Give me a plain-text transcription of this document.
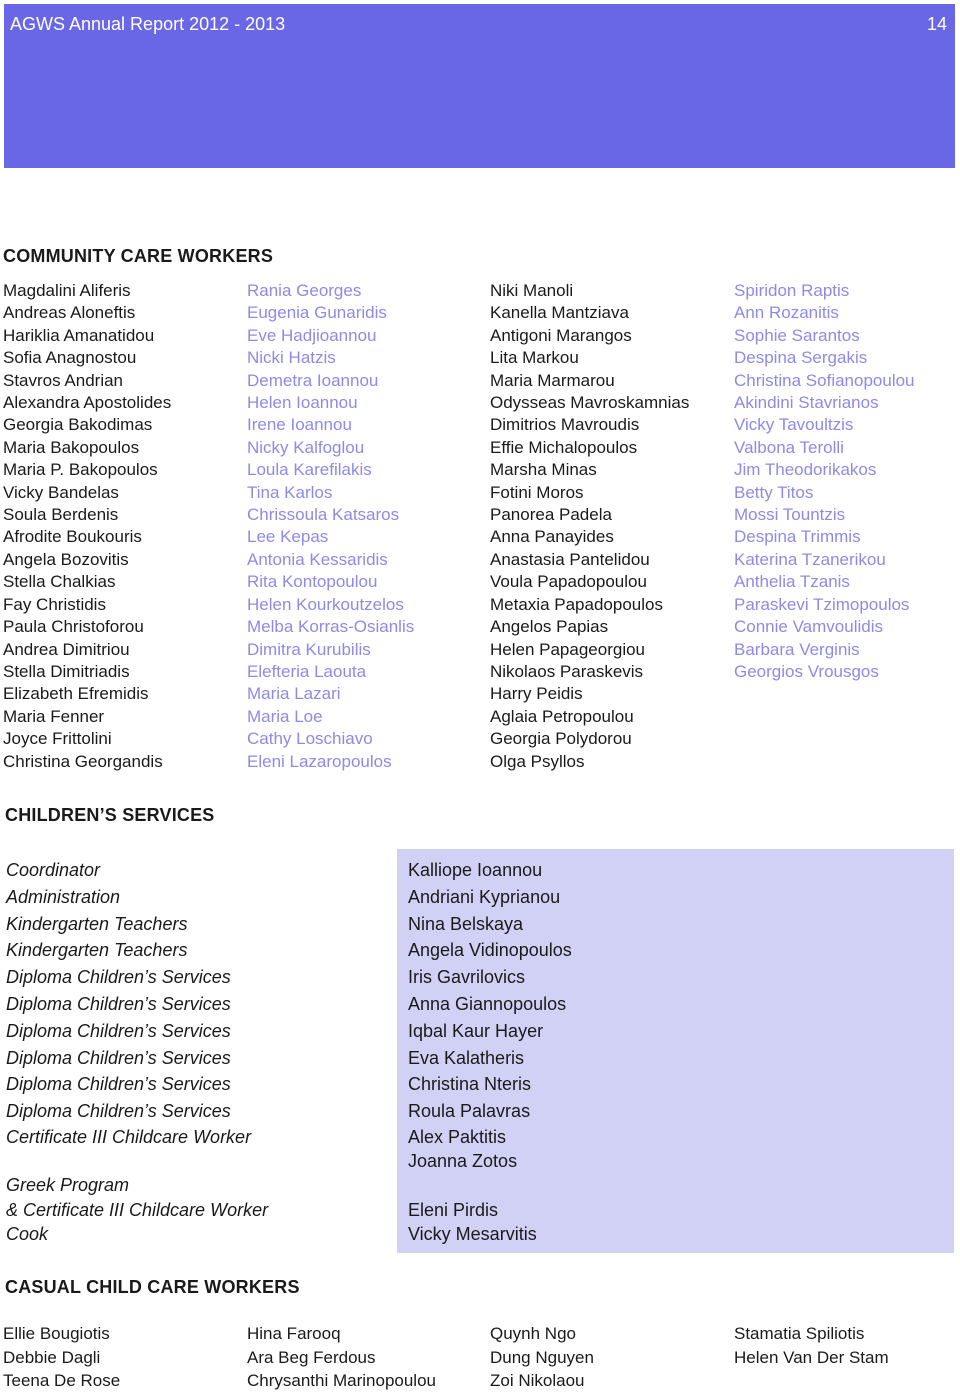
AGWS Annual Report 2012 - 2013	14
COMMUNITY CARE WORKERS
Magdalini Aliferis
Andreas Aloneftis
Hariklia Amanatidou
Sofia Anagnostou
Stavros Andrian
Alexandra Apostolides
Georgia Bakodimas
Maria Bakopoulos
Maria P. Bakopoulos
Vicky Bandelas
Soula Berdenis
Afrodite Boukouris
Angela Bozovitis
Stella Chalkias
Fay Christidis
Paula Christoforou
Andrea Dimitriou
Stella Dimitriadis
Elizabeth Efremidis
Maria Fenner
Joyce Frittolini
Christina Georgandis
Rania Georges
Eugenia Gunaridis
Eve Hadjioannou
Nicki Hatzis
Demetra Ioannou
Helen Ioannou
Irene Ioannou
Nicky Kalfoglou
Loula Karefilakis
Tina Karlos
Chrissoula Katsaros
Lee Kepas
Antonia Kessaridis
Rita Kontopoulou
Helen Kourkoutzelos
Melba Korras-Osianlis
Dimitra Kurubilis
Elefteria Laouta
Maria Lazari
Maria Loe
Cathy Loschiavo
Eleni Lazaropoulos
Niki Manoli
Kanella Mantziava
Antigoni Marangos
Lita Markou
Maria Marmarou
Odysseas Mavroskamnias
Dimitrios Mavroudis
Effie Michalopoulos
Marsha Minas
Fotini Moros
Panorea Padela
Anna Panayides
Anastasia Pantelidou
Voula Papadopoulou
Metaxia Papadopoulos
Angelos Papias
Helen Papageorgiou
Nikolaos Paraskevis
Harry Peidis
Aglaia Petropoulou
Georgia Polydorou
Olga Psyllos
Spiridon Raptis
Ann Rozanitis
Sophie Sarantos
Despina Sergakis
Christina Sofianopoulou
Akindini Stavrianos
Vicky Tavoultzis
Valbona Terolli
Jim Theodorikakos
Betty Titos
Mossi Tountzis
Despina Trimmis
Katerina Tzanerikou
Anthelia Tzanis
Paraskevi Tzimopoulos
Connie Vamvoulidis
Barbara Verginis
Georgios Vrousgos
CHILDREN’S SERVICES
Coordinator
Administration
Kindergarten Teachers
Kindergarten Teachers
Diploma Children’s Services
Diploma Children’s Services
Diploma Children’s Services
Diploma Children’s Services
Diploma Children’s Services
Diploma Children’s Services
Certificate III Childcare Worker
Greek Program
& Certificate III Childcare Worker
Cook
Kalliope Ioannou
Andriani Kyprianou
Nina Belskaya
Angela Vidinopoulos
Iris Gavrilovics
Anna Giannopoulos
Iqbal Kaur Hayer
Eva Kalatheris
Christina Nteris
Roula Palavras
Alex Paktitis
Joanna Zotos
Eleni Pirdis
Vicky Mesarvitis
CASUAL CHILD CARE WORKERS
Ellie Bougiotis
Debbie Dagli
Teena De Rose
Hina Farooq
Ara Beg Ferdous
Chrysanthi Marinopoulou
Quynh Ngo
Dung Nguyen
Zoi Nikolaou
Stamatia Spiliotis
Helen Van Der Stam
